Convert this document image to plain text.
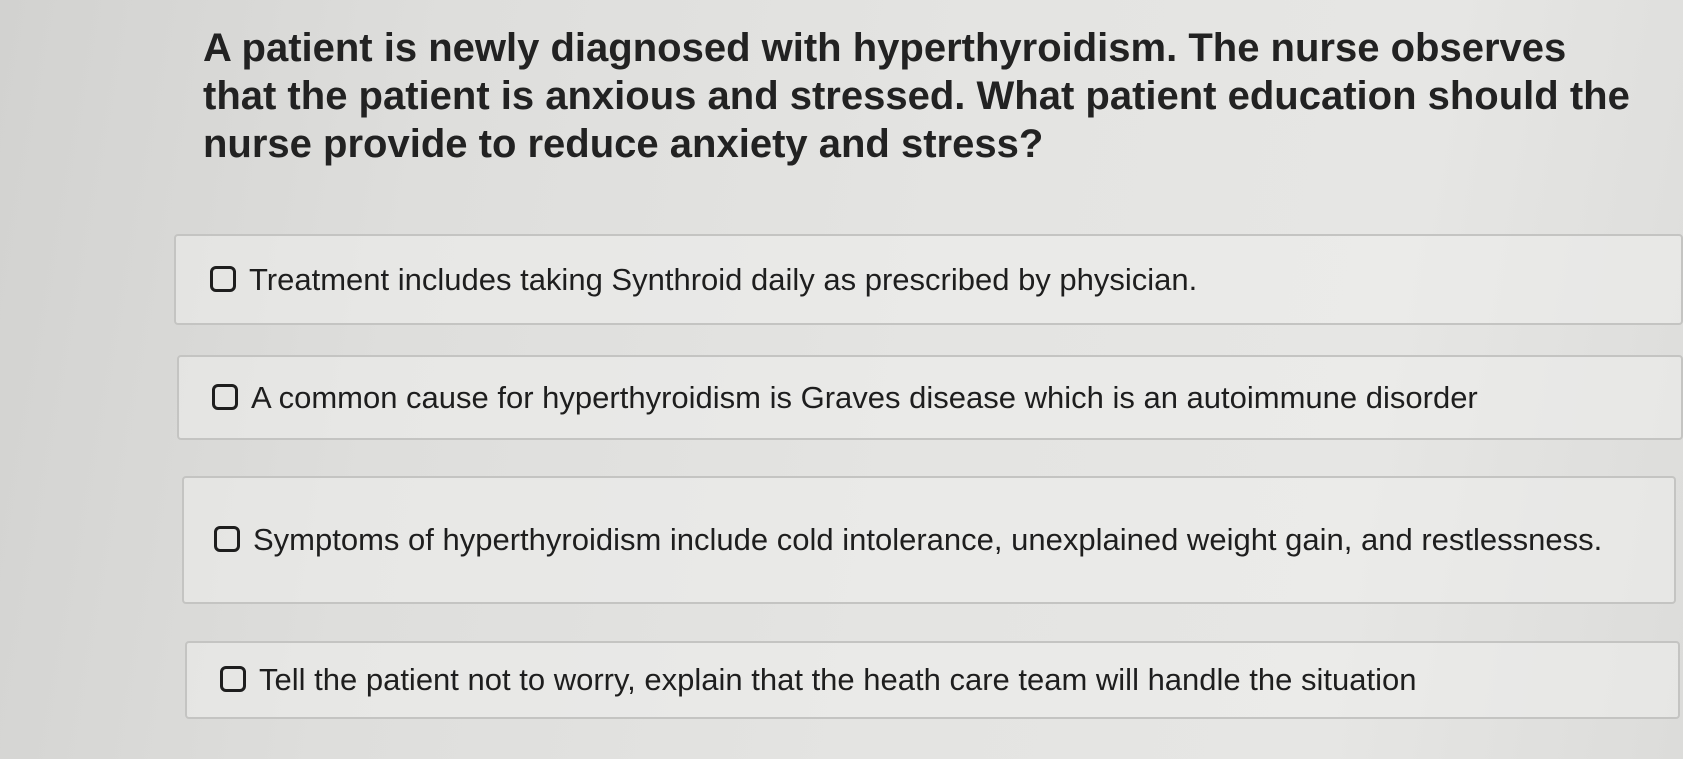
A patient is newly diagnosed with hyperthyroidism. The nurse observes that the patient is anxious and stressed. What patient education should the nurse provide to reduce anxiety and stress?

Treatment includes taking Synthroid daily as prescribed by physician.
A common cause for hyperthyroidism is Graves disease which is an autoimmune disorder
Symptoms of hyperthyroidism include cold intolerance, unexplained weight gain, and restlessness.
Tell the patient not to worry, explain that the heath care team will handle the situation
